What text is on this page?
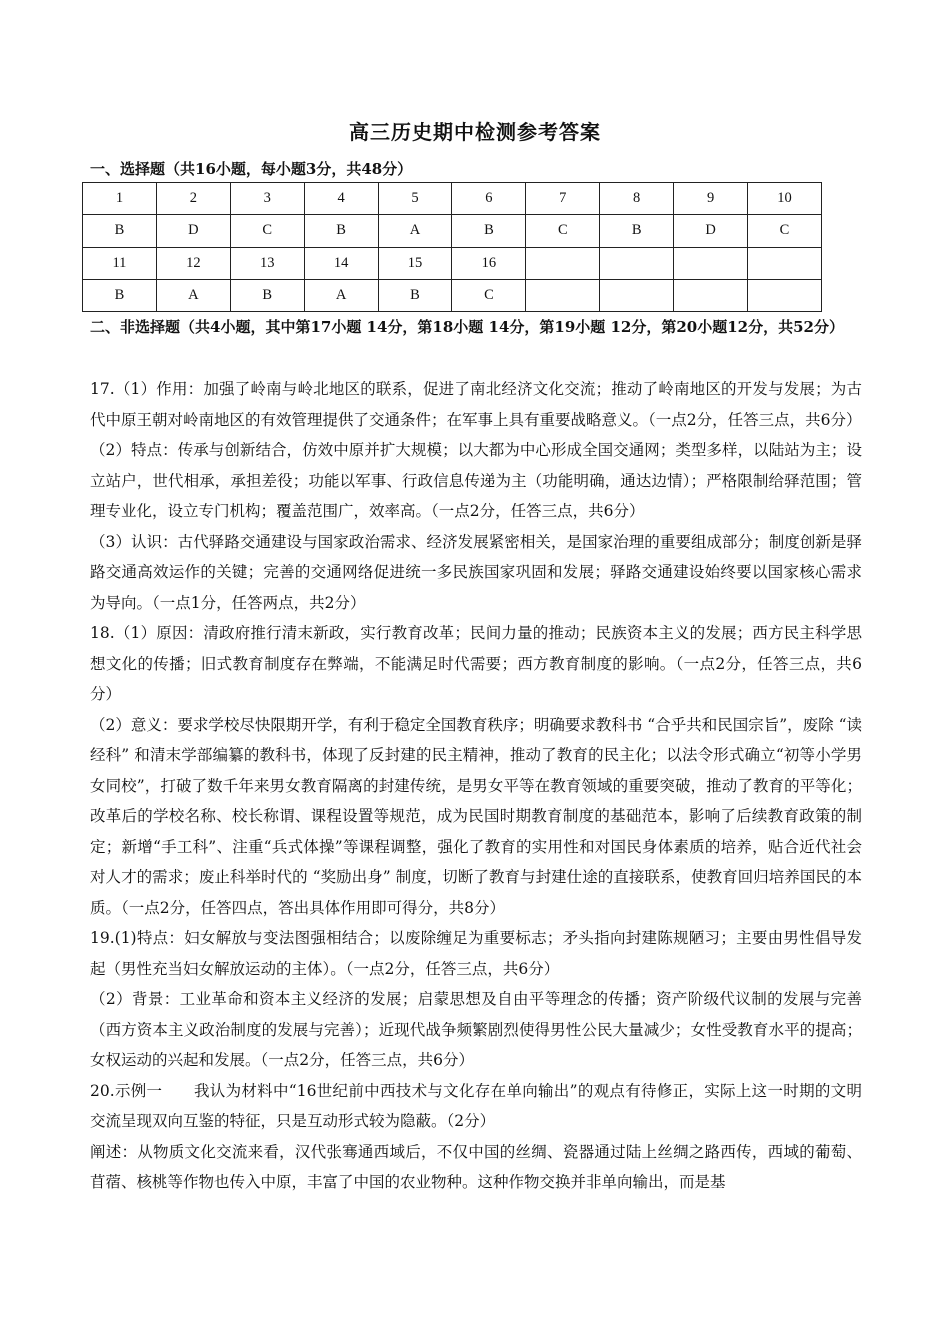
高三历史期中检测参考答案
一、选择题（共16小题，每小题3分，共48分）
1	2	3	4	5	6	7	8	9	10
B	D	C	B	A	B	C	B	D	C
11	12	13	14	15	16				
B	A	B	A	B	C				
二、非选择题（共4小题，其中第17小题 14分，第18小题 14分，第19小题 12分，第20小题12分，共52分）

17.（1）作用：加强了岭南与岭北地区的联系，促进了南北经济文化交流；推动了岭南地区的开发与发展；为古代中原王朝对岭南地区的有效管理提供了交通条件；在军事上具有重要战略意义。（一点2分，任答三点，共6分）

（2）特点：传承与创新结合，仿效中原并扩大规模；以大都为中心形成全国交通网；类型多样，以陆站为主；设立站户，世代相承，承担差役；功能以军事、行政信息传递为主（功能明确，通达边情）；严格限制给驿范围；管理专业化，设立专门机构；覆盖范围广，效率高。（一点2分，任答三点，共6分）

（3）认识：古代驿路交通建设与国家政治需求、经济发展紧密相关，是国家治理的重要组成部分；制度创新是驿路交通高效运作的关键；完善的交通网络促进统一多民族国家巩固和发展；驿路交通建设始终要以国家核心需求为导向。（一点1分，任答两点，共2分）

18.（1）原因：清政府推行清末新政，实行教育改革；民间力量的推动；民族资本主义的发展；西方民主科学思想文化的传播；旧式教育制度存在弊端，不能满足时代需要；西方教育制度的影响。（一点2分，任答三点，共6分）

（2）意义：要求学校尽快限期开学，有利于稳定全国教育秩序；明确要求教科书 “合乎共和民国宗旨”，废除 “读经科” 和清末学部编纂的教科书，体现了反封建的民主精神，推动了教育的民主化；以法令形式确立“初等小学男女同校”，打破了数千年来男女教育隔离的封建传统，是男女平等在教育领域的重要突破，推动了教育的平等化；改革后的学校名称、校长称谓、课程设置等规范，成为民国时期教育制度的基础范本，影响了后续教育政策的制定；新增“手工科”、注重“兵式体操”等课程调整，强化了教育的实用性和对国民身体素质的培养，贴合近代社会对人才的需求；废止科举时代的 “奖励出身” 制度，切断了教育与封建仕途的直接联系，使教育回归培养国民的本质。（一点2分，任答四点，答出具体作用即可得分，共8分）

19.(1)特点：妇女解放与变法图强相结合；以废除缠足为重要标志；矛头指向封建陈规陋习；主要由男性倡导发起（男性充当妇女解放运动的主体）。（一点2分，任答三点，共6分）

（2）背景：工业革命和资本主义经济的发展；启蒙思想及自由平等理念的传播；资产阶级代议制的发展与完善（西方资本主义政治制度的发展与完善）；近现代战争频繁剧烈使得男性公民大量减少；女性受教育水平的提高；女权运动的兴起和发展。（一点2分，任答三点，共6分）

20.示例一　　我认为材料中“16世纪前中西技术与文化存在单向输出”的观点有待修正，实际上这一时期的文明交流呈现双向互鉴的特征，只是互动形式较为隐蔽。（2分）

阐述：从物质文化交流来看，汉代张骞通西域后，不仅中国的丝绸、瓷器通过陆上丝绸之路西传，西域的葡萄、苜蓿、核桃等作物也传入中原，丰富了中国的农业物种。这种作物交换并非单向输出，而是基
